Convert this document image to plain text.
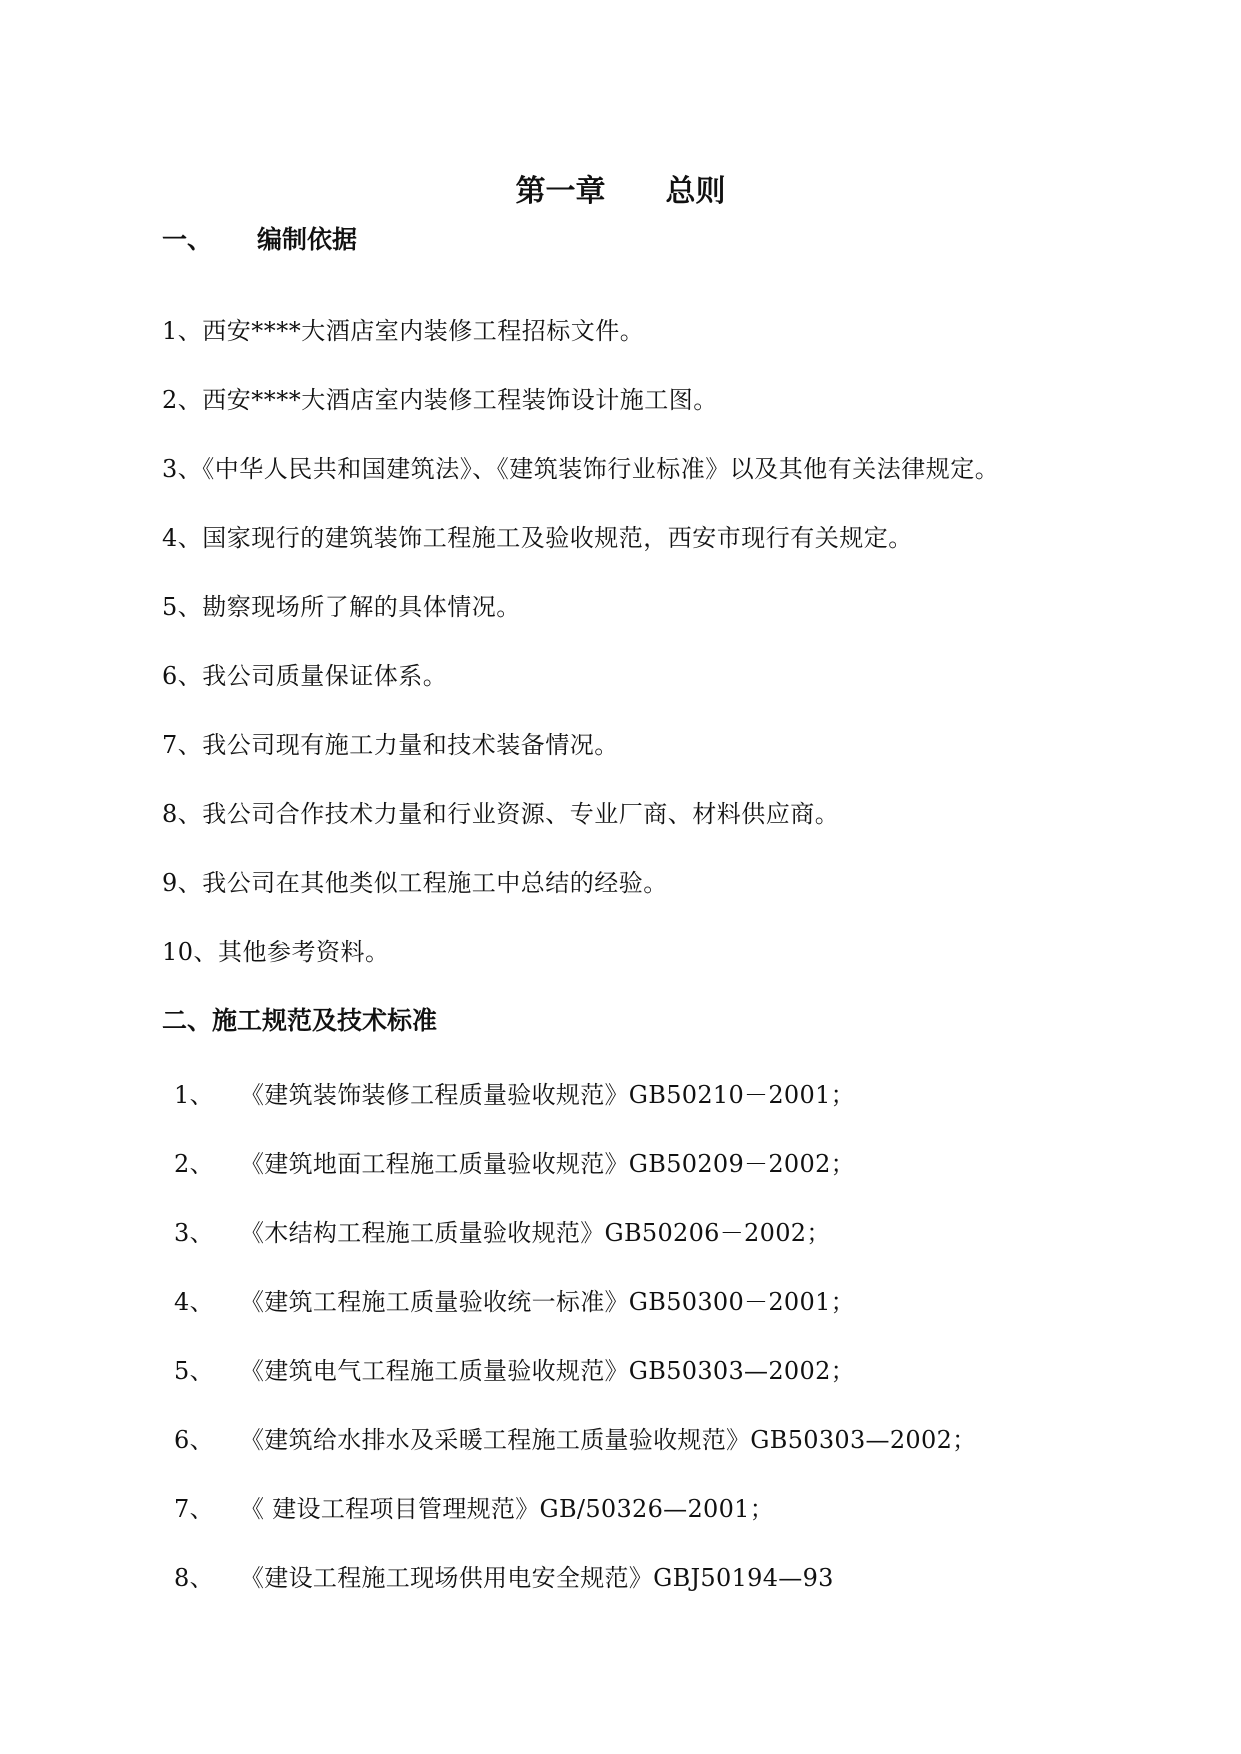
第一章 总则
一、 编制依据
1、西安****大酒店室内装修工程招标文件。
2、西安****大酒店室内装修工程装饰设计施工图。
3、《中华人民共和国建筑法》、《建筑装饰行业标准》以及其他有关法律规定。
4、国家现行的建筑装饰工程施工及验收规范，西安市现行有关规定。
5、勘察现场所了解的具体情况。
6、我公司质量保证体系。
7、我公司现有施工力量和技术装备情况。
8、我公司合作技术力量和行业资源、专业厂商、材料供应商。
9、我公司在其他类似工程施工中总结的经验。
10、其他参考资料。
二、施工规范及技术标准
1、 《建筑装饰装修工程质量验收规范》GB50210－2001；
2、 《建筑地面工程施工质量验收规范》GB50209－2002；
3、 《木结构工程施工质量验收规范》GB50206－2002；
4、 《建筑工程施工质量验收统一标准》GB50300－2001；
5、 《建筑电气工程施工质量验收规范》GB50303—2002；
6、 《建筑给水排水及采暖工程施工质量验收规范》GB50303—2002；
7、 《 建设工程项目管理规范》GB/50326—2001；
8、 《建设工程施工现场供用电安全规范》GBJ50194—93
